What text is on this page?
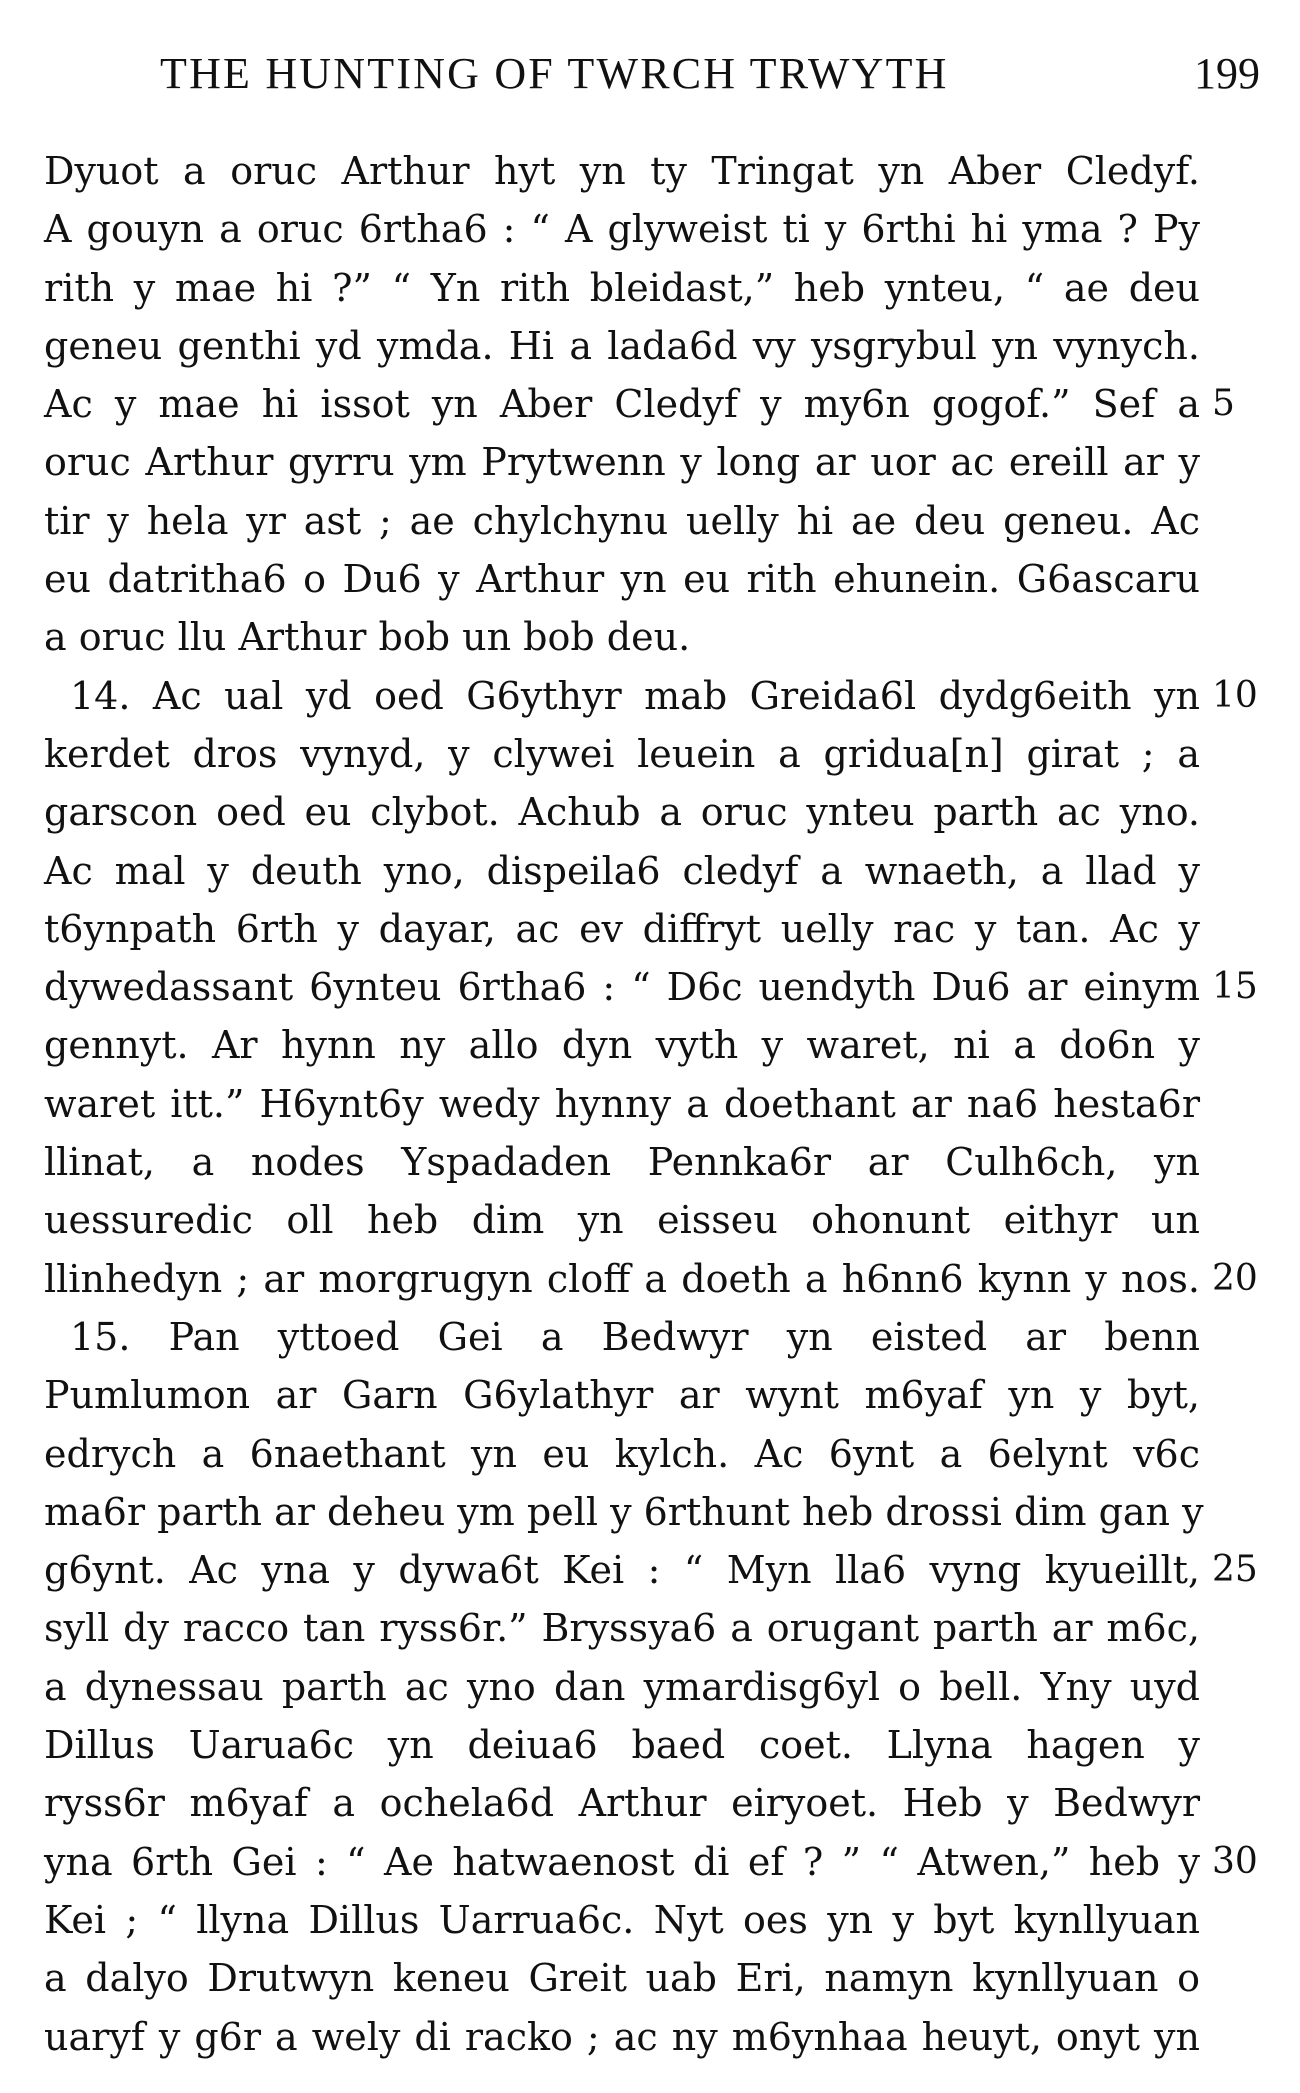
THE HUNTING OF TWRCH TRWYTH	199
Dyuot a oruc Arthur hyt yn ty Tringat yn Aber Cledyf.
A gouyn a oruc 6rtha6 : “ A glyweist ti y 6rthi hi yma ? Py
rith y mae hi ?” “ Yn rith bleidast,” heb ynteu, “ ae deu
geneu genthi yd ymda. Hi a lada6d vy ysgrybul yn vynych.
Ac y mae hi issot yn Aber Cledyf y my6n gogof.” Sef a 5
oruc Arthur gyrru ym Prytwenn y long ar uor ac ereill ar y
tir y hela yr ast ; ae chylchynu uelly hi ae deu geneu. Ac
eu datritha6 o Du6 y Arthur yn eu rith ehunein. G6ascaru
a oruc llu Arthur bob un bob deu.
14. Ac ual yd oed G6ythyr mab Greida6l dydg6eith yn 10
kerdet dros vynyd, y clywei leuein a gridua[n] girat ; a
garscon oed eu clybot. Achub a oruc ynteu parth ac yno.
Ac mal y deuth yno, dispeila6 cledyf a wnaeth, a llad y
t6ynpath 6rth y dayar, ac ev diffryt uelly rac y tan. Ac y
dywedassant 6ynteu 6rtha6 : “ D6c uendyth Du6 ar einym 15
gennyt. Ar hynn ny allo dyn vyth y waret, ni a do6n y
waret itt.” H6ynt6y wedy hynny a doethant ar na6 hesta6r
llinat, a nodes Yspadaden Pennka6r ar Culh6ch, yn
uessuredic oll heb dim yn eisseu ohonunt eithyr un
llinhedyn ; ar morgrugyn cloff a doeth a h6nn6 kynn y nos. 20
15. Pan yttoed Gei a Bedwyr yn eisted ar benn
Pumlumon ar Garn G6ylathyr ar wynt m6yaf yn y byt,
edrych a 6naethant yn eu kylch. Ac 6ynt a 6elynt v6c
ma6r parth ar deheu ym pell y 6rthunt heb drossi dim gan y
g6ynt. Ac yna y dywa6t Kei : “ Myn lla6 vyng kyueillt, 25
syll dy racco tan ryss6r.” Bryssya6 a orugant parth ar m6c,
a dynessau parth ac yno dan ymardisg6yl o bell. Yny uyd
Dillus Uarua6c yn deiua6 baed coet. Llyna hagen y
ryss6r m6yaf a ochela6d Arthur eiryoet. Heb y Bedwyr
yna 6rth Gei : “ Ae hatwaenost di ef ? ” “ Atwen,” heb y 30
Kei ; “ llyna Dillus Uarrua6c. Nyt oes yn y byt kynllyuan
a dalyo Drutwyn keneu Greit uab Eri, namyn kynllyuan o
uaryf y g6r a wely di racko ; ac ny m6ynhaa heuyt, onyt yn
